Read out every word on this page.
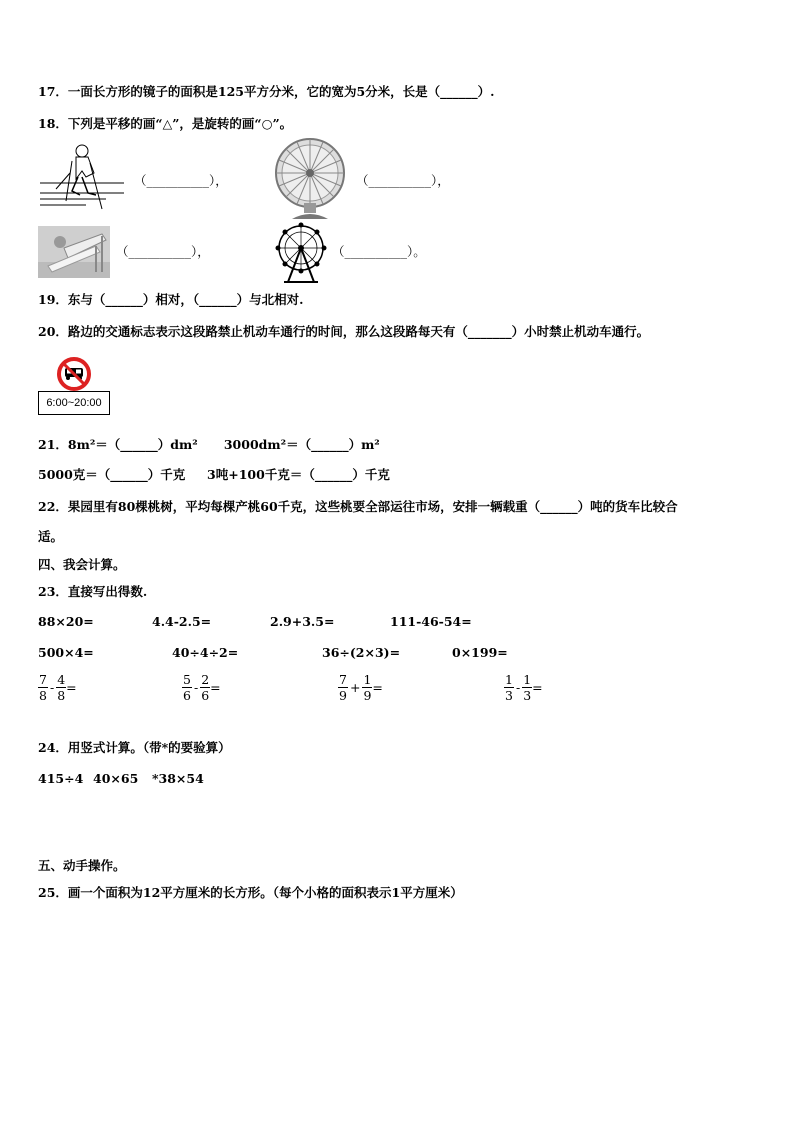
17．一面长方形的镜子的面积是125平方分米，它的宽为5分米，长是（______）.
18．下列是平移的画“△”，是旋转的画“○”。
（__________），	（__________），
（__________），	（__________）。
19．东与（______）相对，（______）与北相对.
20．路边的交通标志表示这段路禁止机动车通行的时间，那么这段路每天有（_______）小时禁止机动车通行。
6:00~20:00
21．8m²＝（______）dm²      3000dm²＝（______）m²
5000克＝（______）千克     3吨+100千克＝（______）千克
22．果园里有80棵桃树，平均每棵产桃60千克，这些桃要全部运往市场，安排一辆载重（______）吨的货车比较合
适。
四、我会计算。
23．直接写出得数.
88×20=	4.4-2.5=	2.9+3.5=	111-46-54=
500×4=	40÷4÷2=	36÷(2×3)=	0×199=
$\frac{7}{8} - \frac{4}{8}$ =	$\frac{5}{6} - \frac{2}{6}$ =	$\frac{7}{9} + \frac{1}{9}$ =	$\frac{1}{3} - \frac{1}{3}$ =
24．用竖式计算。（带*的要验算）
415÷4 40×65 *38×54
五、动手操作。
25．画一个面积为12平方厘米的长方形。（每个小格的面积表示1平方厘米）
